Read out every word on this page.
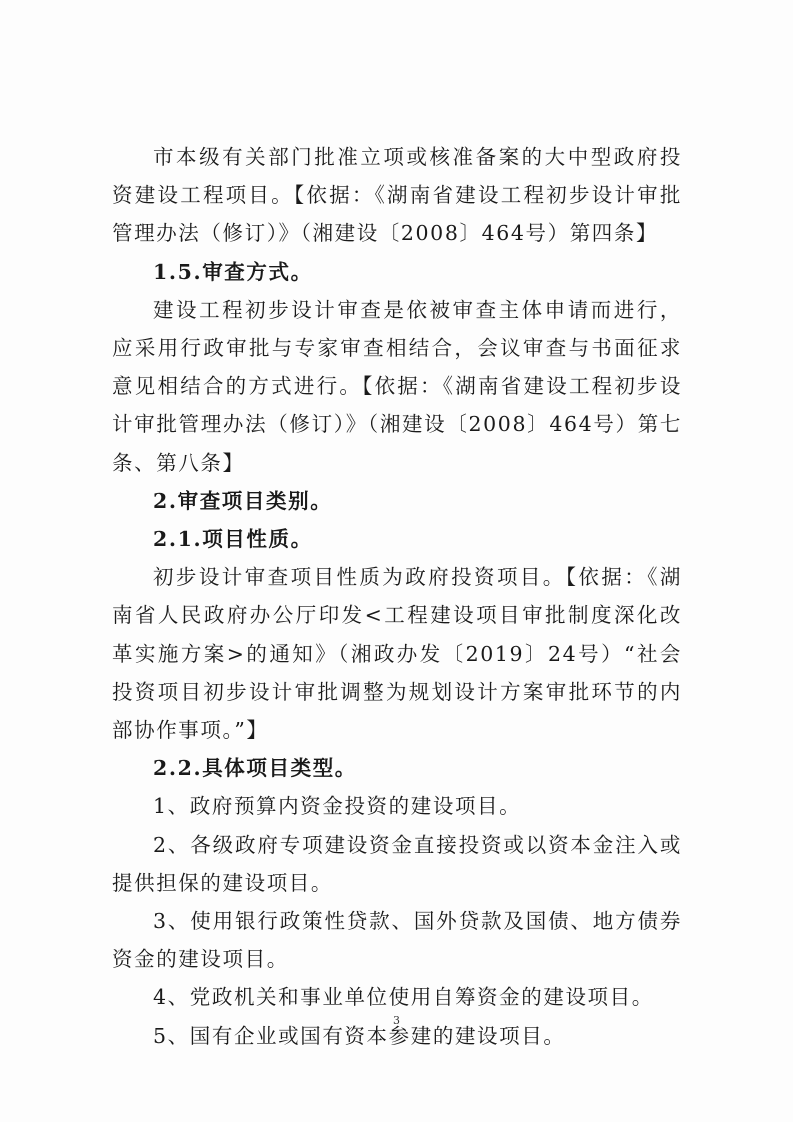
市本级有关部门批准立项或核准备案的大中型政府投资建设工程项目。【依据：《湖南省建设工程初步设计审批管理办法（修订）》（湘建设〔2008〕464号）第四条】

1.5.审查方式。

建设工程初步设计审查是依被审查主体申请而进行，应采用行政审批与专家审查相结合，会议审查与书面征求意见相结合的方式进行。【依据：《湖南省建设工程初步设计审批管理办法（修订）》（湘建设〔2008〕464号）第七条、第八条】

2.审查项目类别。

2.1.项目性质。

初步设计审查项目性质为政府投资项目。【依据：《湖南省人民政府办公厅印发<工程建设项目审批制度深化改革实施方案>的通知》（湘政办发〔2019〕24号）“社会投资项目初步设计审批调整为规划设计方案审批环节的内部协作事项。”】

2.2.具体项目类型。

1、政府预算内资金投资的建设项目。

2、各级政府专项建设资金直接投资或以资本金注入或提供担保的建设项目。

3、使用银行政策性贷款、国外贷款及国债、地方债券资金的建设项目。

4、党政机关和事业单位使用自筹资金的建设项目。

5、国有企业或国有资本参建的建设项目。

3
